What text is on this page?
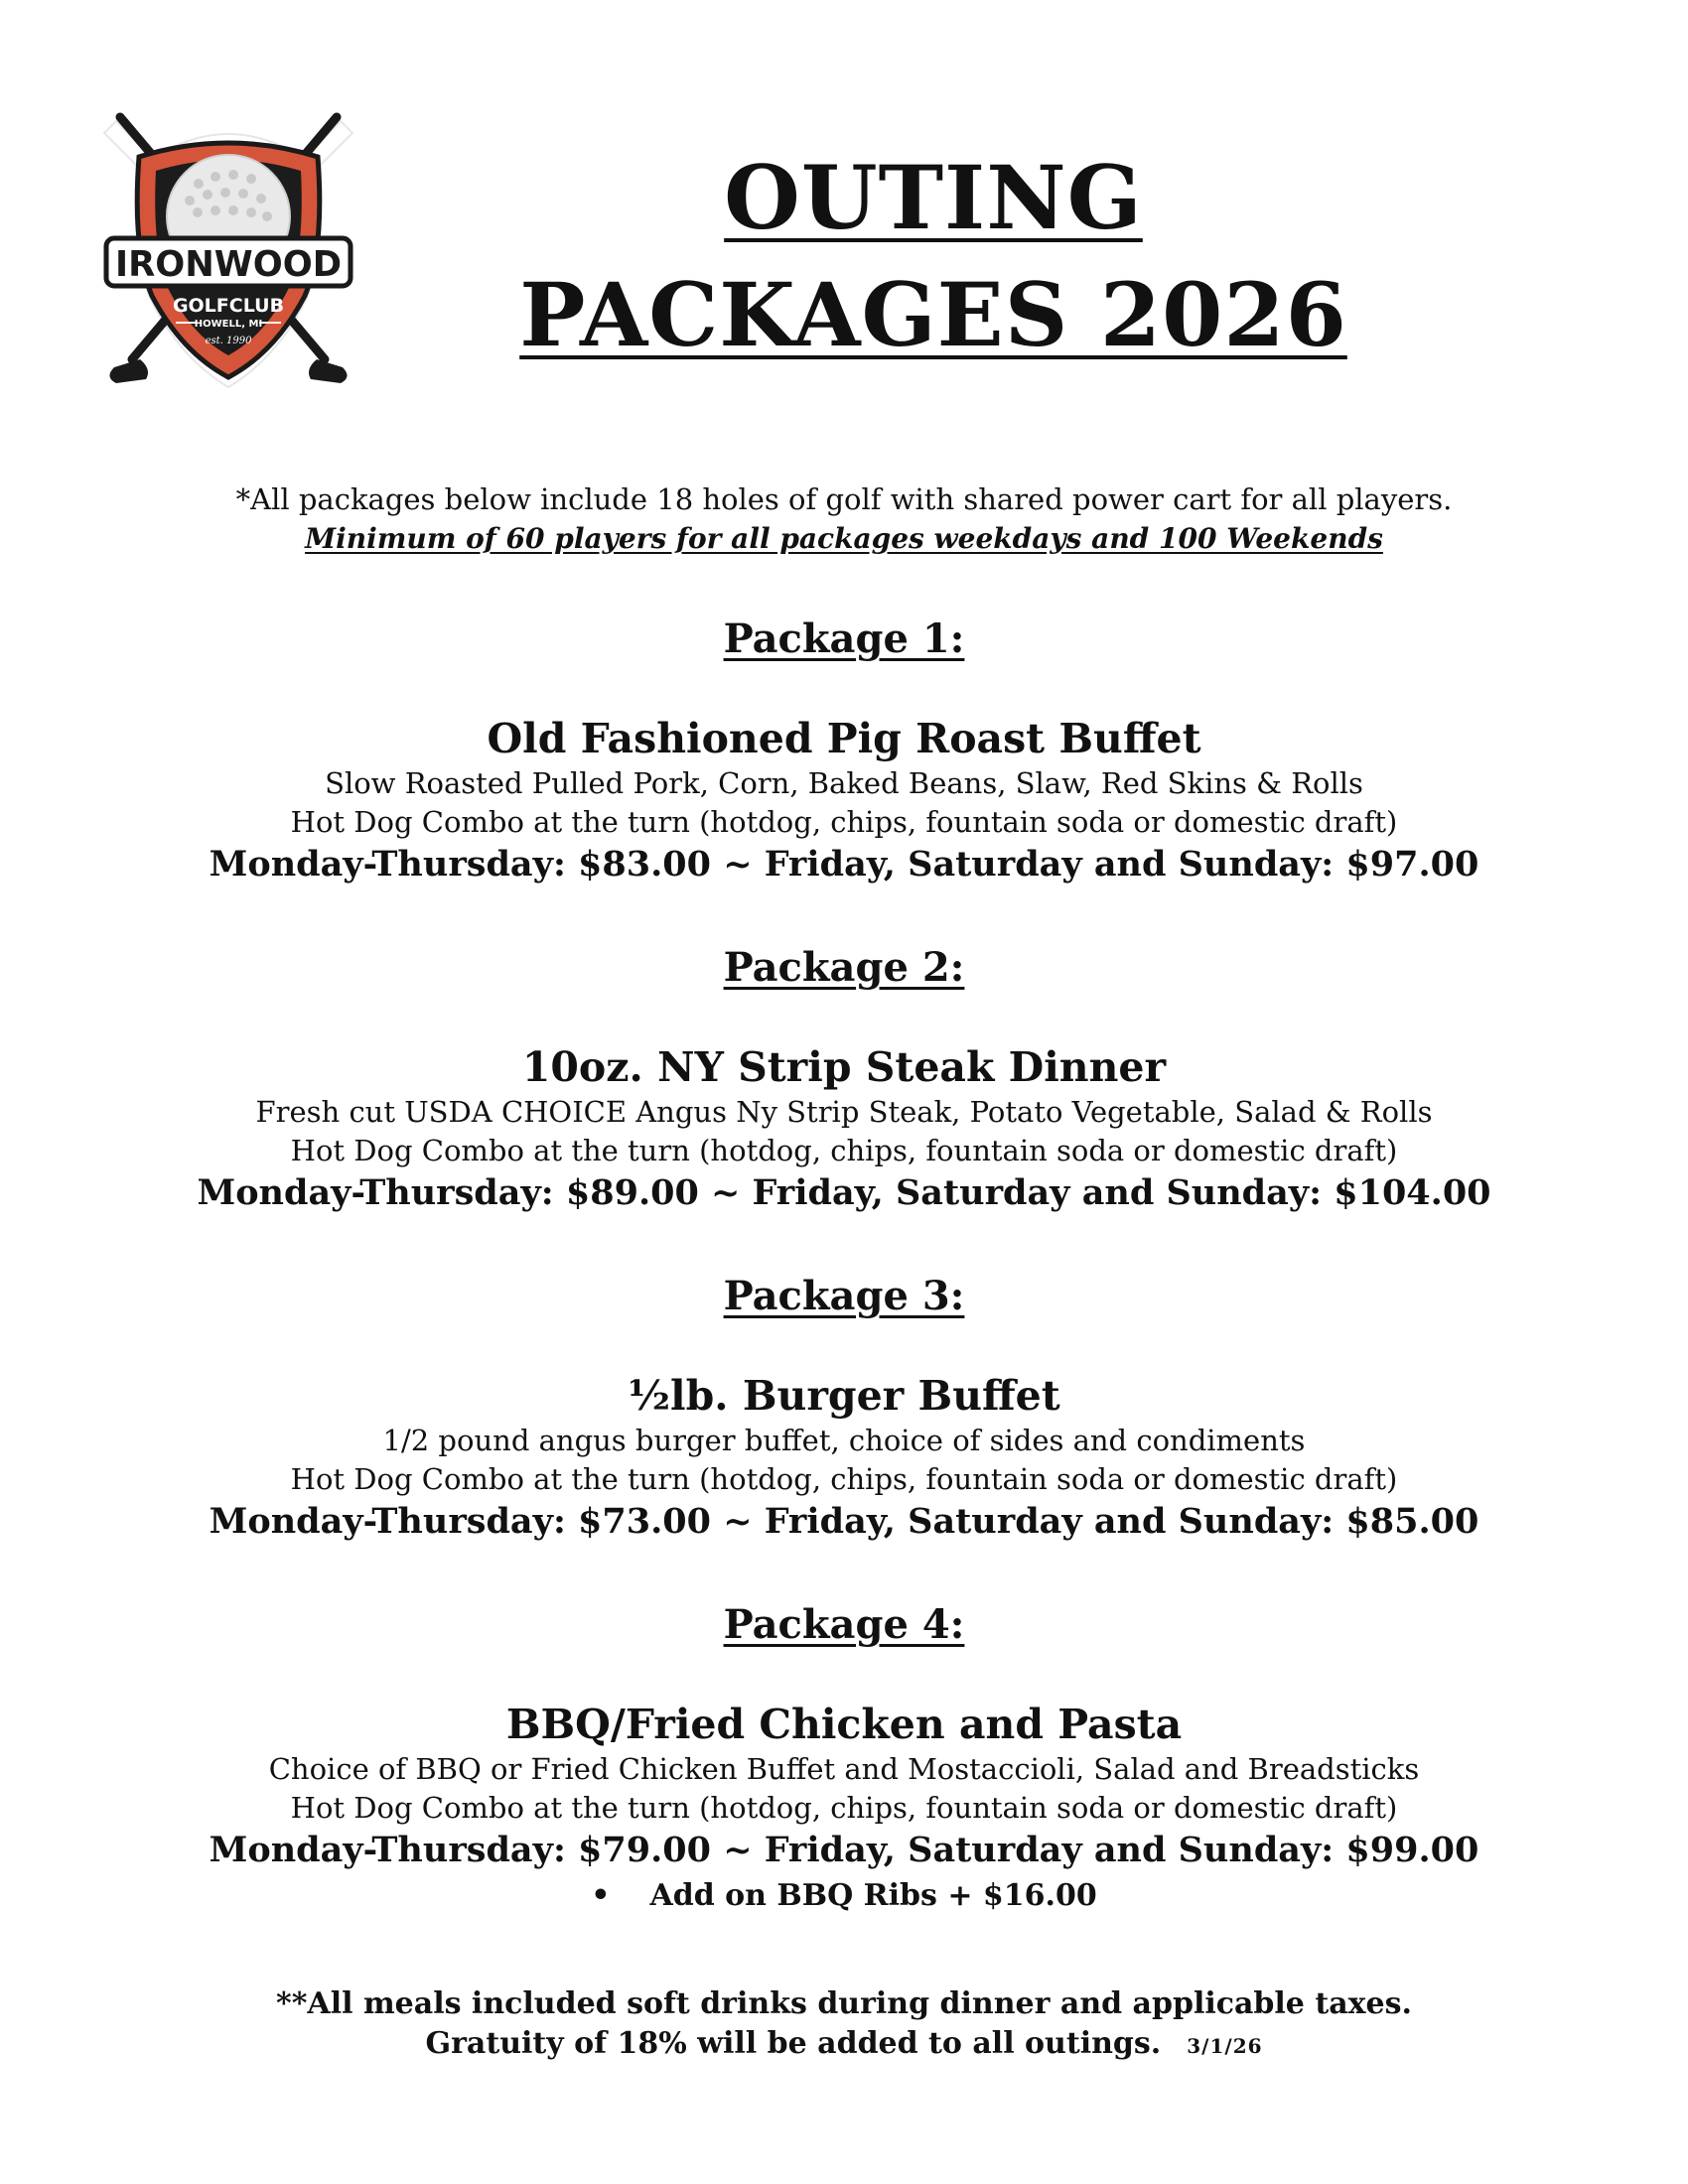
IRONWOOD
GOLFCLUB
HOWELL, MI
est. 1990
OUTING
PACKAGES 2026

*All packages below include 18 holes of golf with shared power cart for all players.

Minimum of 60 players for all packages weekdays and 100 Weekends

Package 1:

Old Fashioned Pig Roast Buffet

Slow Roasted Pulled Pork, Corn, Baked Beans, Slaw, Red Skins & Rolls

Hot Dog Combo at the turn (hotdog, chips, fountain soda or domestic draft)

Monday-Thursday: $83.00 ~ Friday, Saturday and Sunday: $97.00

Package 2:

10oz. NY Strip Steak Dinner

Fresh cut USDA CHOICE Angus Ny Strip Steak, Potato Vegetable, Salad & Rolls

Hot Dog Combo at the turn (hotdog, chips, fountain soda or domestic draft)

Monday-Thursday: $89.00 ~ Friday, Saturday and Sunday: $104.00

Package 3:

½lb. Burger Buffet

1/2 pound angus burger buffet, choice of sides and condiments

Hot Dog Combo at the turn (hotdog, chips, fountain soda or domestic draft)

Monday-Thursday: $73.00 ~ Friday, Saturday and Sunday: $85.00

Package 4:

BBQ/Fried Chicken and Pasta

Choice of BBQ or Fried Chicken Buffet and Mostaccioli, Salad and Breadsticks

Hot Dog Combo at the turn (hotdog, chips, fountain soda or domestic draft)

Monday-Thursday: $79.00 ~ Friday, Saturday and Sunday: $99.00

• Add on BBQ Ribs + $16.00

**All meals included soft drinks during dinner and applicable taxes.
Gratuity of 18% will be added to all outings. 3/1/26
